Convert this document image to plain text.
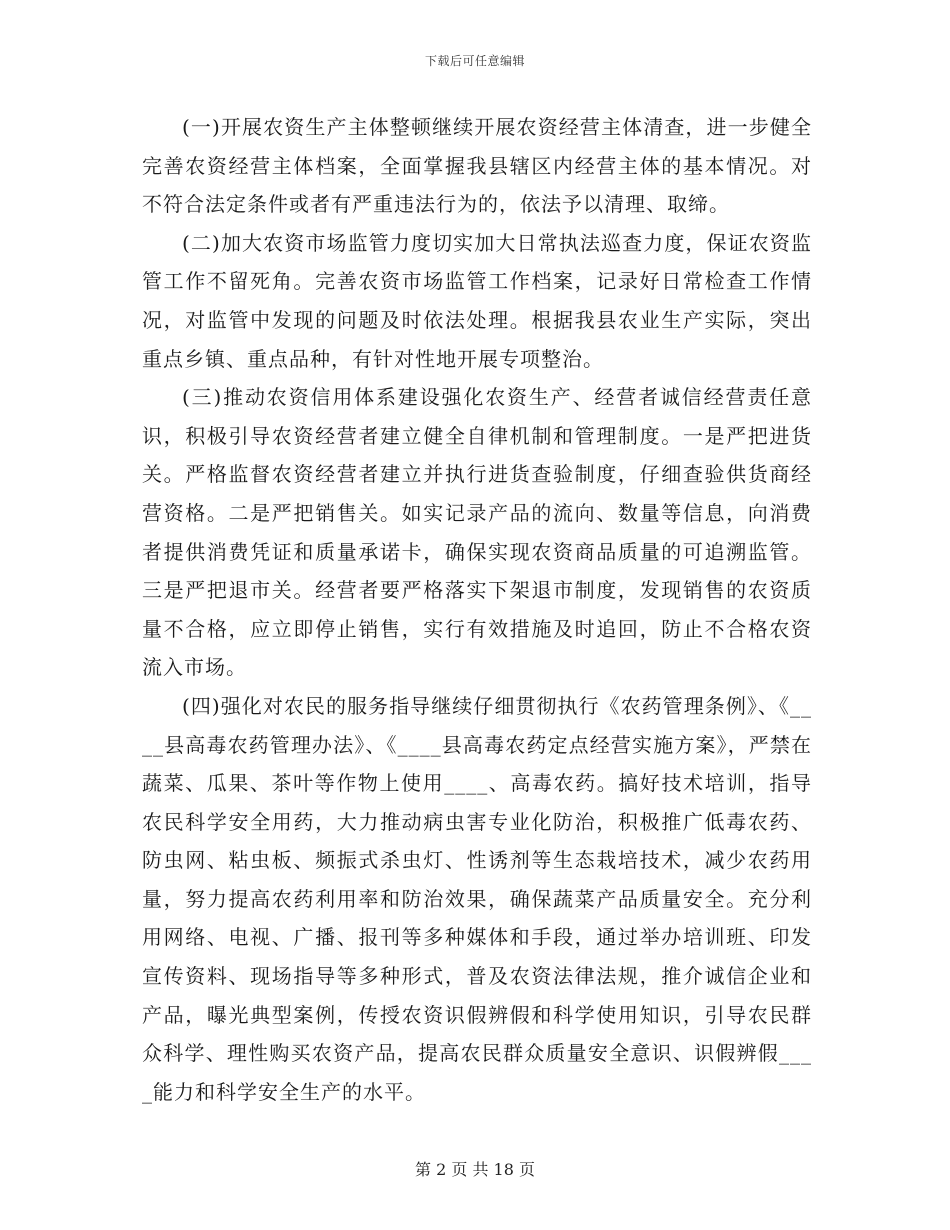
下载后可任意编辑

(一)开展农资生产主体整顿继续开展农资经营主体清查，进一步健全完善农资经营主体档案，全面掌握我县辖区内经营主体的基本情况。对不符合法定条件或者有严重违法行为的，依法予以清理、取缔。

(二)加大农资市场监管力度切实加大日常执法巡查力度，保证农资监管工作不留死角。完善农资市场监管工作档案，记录好日常检查工作情况，对监管中发现的问题及时依法处理。根据我县农业生产实际，突出重点乡镇、重点品种，有针对性地开展专项整治。

(三)推动农资信用体系建设强化农资生产、经营者诚信经营责任意识，积极引导农资经营者建立健全自律机制和管理制度。一是严把进货关。严格监督农资经营者建立并执行进货查验制度，仔细查验供货商经营资格。二是严把销售关。如实记录产品的流向、数量等信息，向消费者提供消费凭证和质量承诺卡，确保实现农资商品质量的可追溯监管。三是严把退市关。经营者要严格落实下架退市制度，发现销售的农资质量不合格，应立即停止销售，实行有效措施及时追回，防止不合格农资流入市场。

(四)强化对农民的服务指导继续仔细贯彻执行《农药管理条例》、《____县高毒农药管理办法》、《____县高毒农药定点经营实施方案》，严禁在蔬菜、瓜果、茶叶等作物上使用____、高毒农药。搞好技术培训，指导农民科学安全用药，大力推动病虫害专业化防治，积极推广低毒农药、防虫网、粘虫板、频振式杀虫灯、性诱剂等生态栽培技术，减少农药用量，努力提高农药利用率和防治效果，确保蔬菜产品质量安全。充分利用网络、电视、广播、报刊等多种媒体和手段，通过举办培训班、印发宣传资料、现场指导等多种形式，普及农资法律法规，推介诚信企业和产品，曝光典型案例，传授农资识假辨假和科学使用知识，引导农民群众科学、理性购买农资产品，提高农民群众质量安全意识、识假辨假____能力和科学安全生产的水平。

第 2 页 共 18 页
